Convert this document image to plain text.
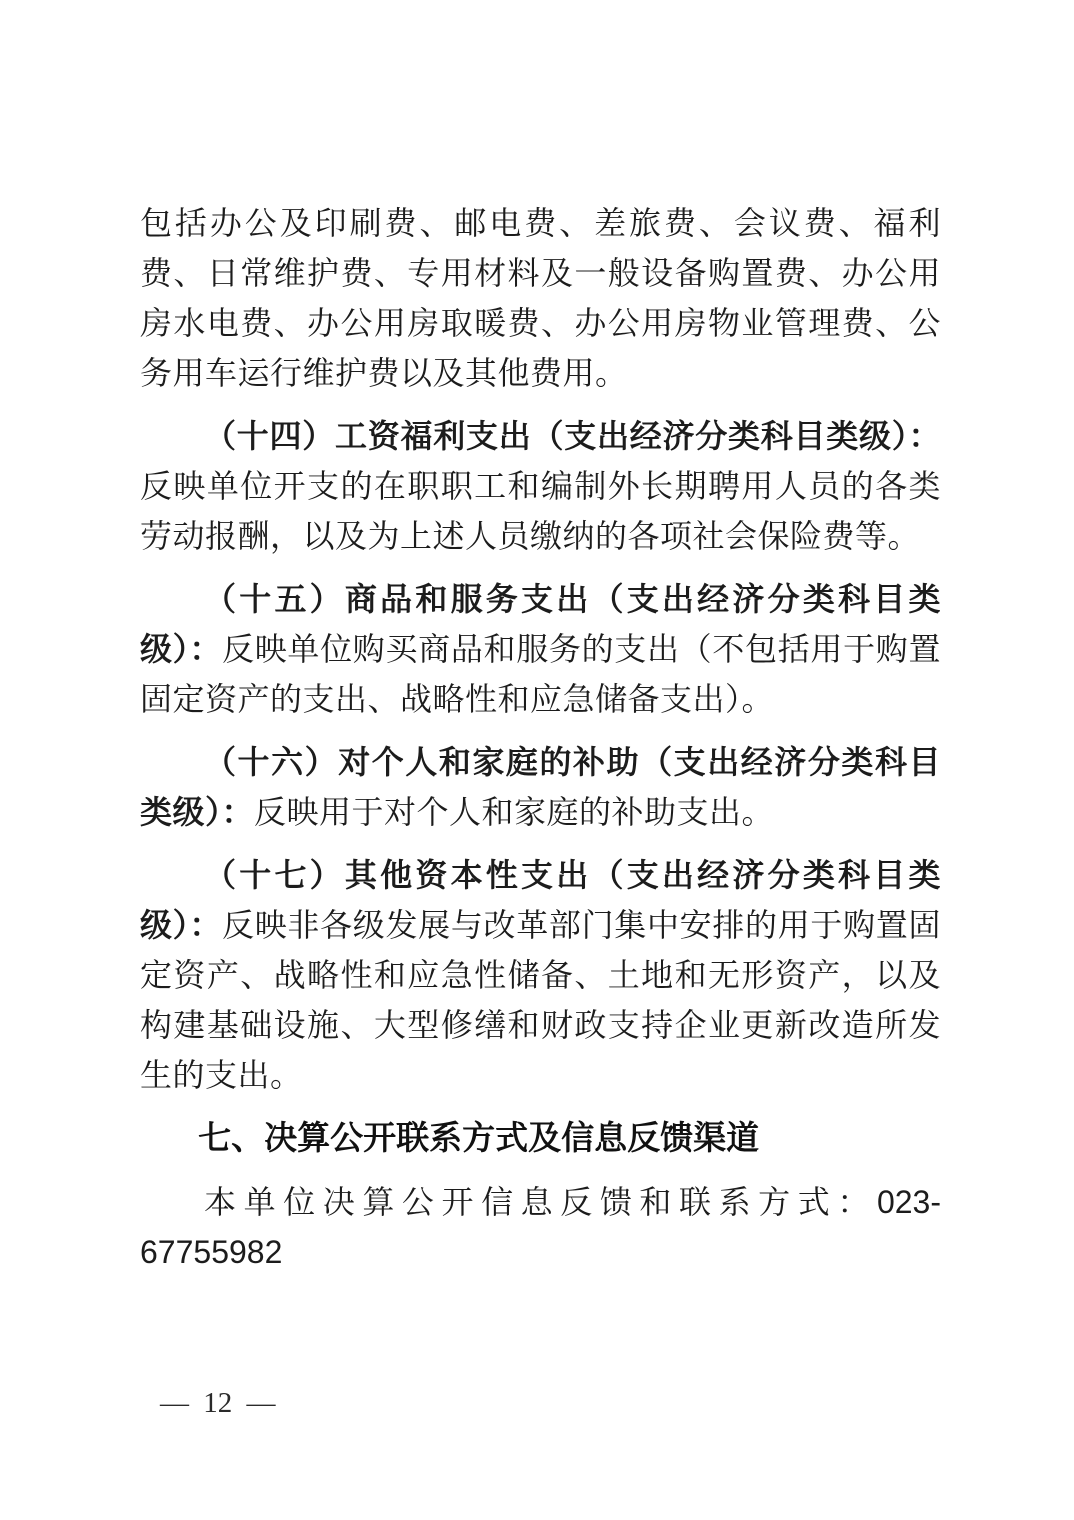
包括办公及印刷费、邮电费、差旅费、会议费、福利费、日常维护费、专用材料及一般设备购置费、办公用房水电费、办公用房取暖费、办公用房物业管理费、公务用车运行维护费以及其他费用。

（十四）工资福利支出（支出经济分类科目类级）：反映单位开支的在职职工和编制外长期聘用人员的各类劳动报酬，以及为上述人员缴纳的各项社会保险费等。

（十五）商品和服务支出（支出经济分类科目类级）：反映单位购买商品和服务的支出（不包括用于购置固定资产的支出、战略性和应急储备支出）。

（十六）对个人和家庭的补助（支出经济分类科目类级）：反映用于对个人和家庭的补助支出。

（十七）其他资本性支出（支出经济分类科目类级）：反映非各级发展与改革部门集中安排的用于购置固定资产、战略性和应急性储备、土地和无形资产，以及构建基础设施、大型修缮和财政支持企业更新改造所发生的支出。

七、决算公开联系方式及信息反馈渠道

本单位决算公开信息反馈和联系方式：023-67755982

— 12 —
